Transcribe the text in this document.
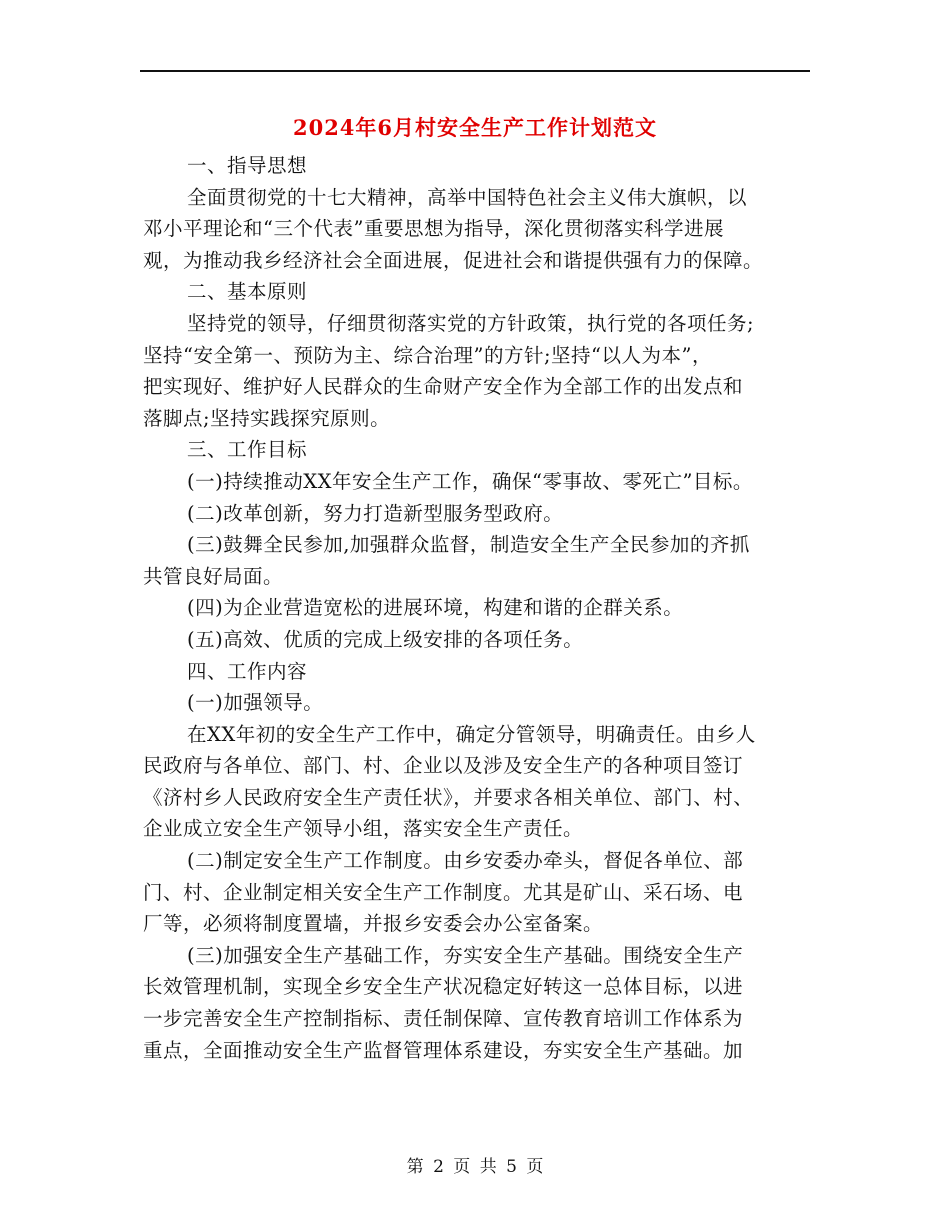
2024年6月村安全生产工作计划范文
一、指导思想
全面贯彻党的十七大精神，高举中国特色社会主义伟大旗帜，以
邓小平理论和“三个代表”重要思想为指导，深化贯彻落实科学进展
观，为推动我乡经济社会全面进展，促进社会和谐提供强有力的保障。
二、基本原则
坚持党的领导，仔细贯彻落实党的方针政策，执行党的各项任务;
坚持“安全第一、预防为主、综合治理”的方针;坚持“以人为本”，
把实现好、维护好人民群众的生命财产安全作为全部工作的出发点和
落脚点;坚持实践探究原则。
三、工作目标
(一)持续推动XX年安全生产工作，确保“零事故、零死亡”目标。
(二)改革创新，努力打造新型服务型政府。
(三)鼓舞全民参加,加强群众监督，制造安全生产全民参加的齐抓
共管良好局面。
(四)为企业营造宽松的进展环境，构建和谐的企群关系。
(五)高效、优质的完成上级安排的各项任务。
四、工作内容
(一)加强领导。
在XX年初的安全生产工作中，确定分管领导，明确责任。由乡人
民政府与各单位、部门、村、企业以及涉及安全生产的各种项目签订
《济村乡人民政府安全生产责任状》，并要求各相关单位、部门、村、
企业成立安全生产领导小组，落实安全生产责任。
(二)制定安全生产工作制度。由乡安委办牵头，督促各单位、部
门、村、企业制定相关安全生产工作制度。尤其是矿山、采石场、电
厂等，必须将制度置墙，并报乡安委会办公室备案。
(三)加强安全生产基础工作，夯实安全生产基础。围绕安全生产
长效管理机制，实现全乡安全生产状况稳定好转这一总体目标，以进
一步完善安全生产控制指标、责任制保障、宣传教育培训工作体系为
重点，全面推动安全生产监督管理体系建设，夯实安全生产基础。加
第 2 页 共 5 页
